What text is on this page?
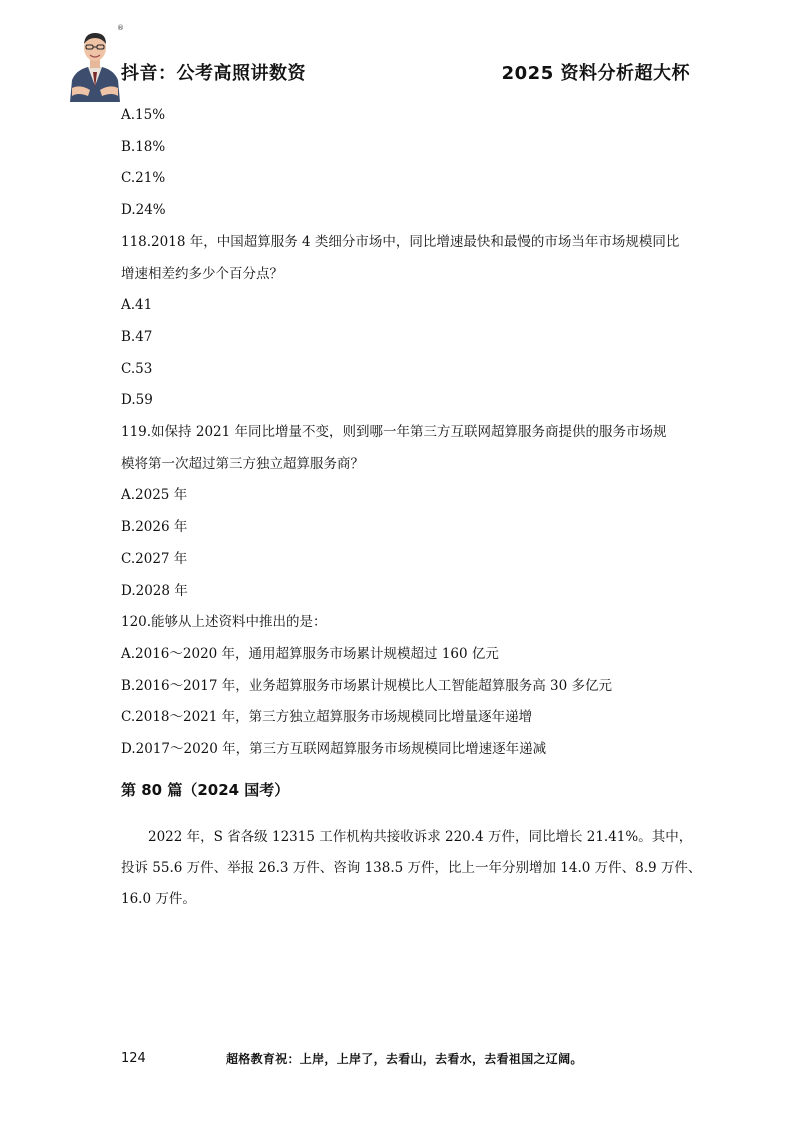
®
抖音：公考高照讲数资	2025 资料分析超大杯
A.15%
B.18%
C.21%
D.24%
118.2018 年，中国超算服务 4 类细分市场中，同比增速最快和最慢的市场当年市场规模同比
增速相差约多少个百分点？
A.41
B.47
C.53
D.59
119.如保持 2021 年同比增量不变，则到哪一年第三方互联网超算服务商提供的服务市场规
模将第一次超过第三方独立超算服务商？
A.2025 年
B.2026 年
C.2027 年
D.2028 年
120.能够从上述资料中推出的是：
A.2016～2020 年，通用超算服务市场累计规模超过 160 亿元
B.2016～2017 年，业务超算服务市场累计规模比人工智能超算服务高 30 多亿元
C.2018～2021 年，第三方独立超算服务市场规模同比增量逐年递增
D.2017～2020 年，第三方互联网超算服务市场规模同比增速逐年递减
第 80 篇（2024 国考）
2022 年，S 省各级 12315 工作机构共接收诉求 220.4 万件，同比增长 21.41%。其中，
投诉 55.6 万件、举报 26.3 万件、咨询 138.5 万件，比上一年分别增加 14.0 万件、8.9 万件、
16.0 万件。
124	超格教育祝：上岸，上岸了，去看山，去看水，去看祖国之辽阔。
